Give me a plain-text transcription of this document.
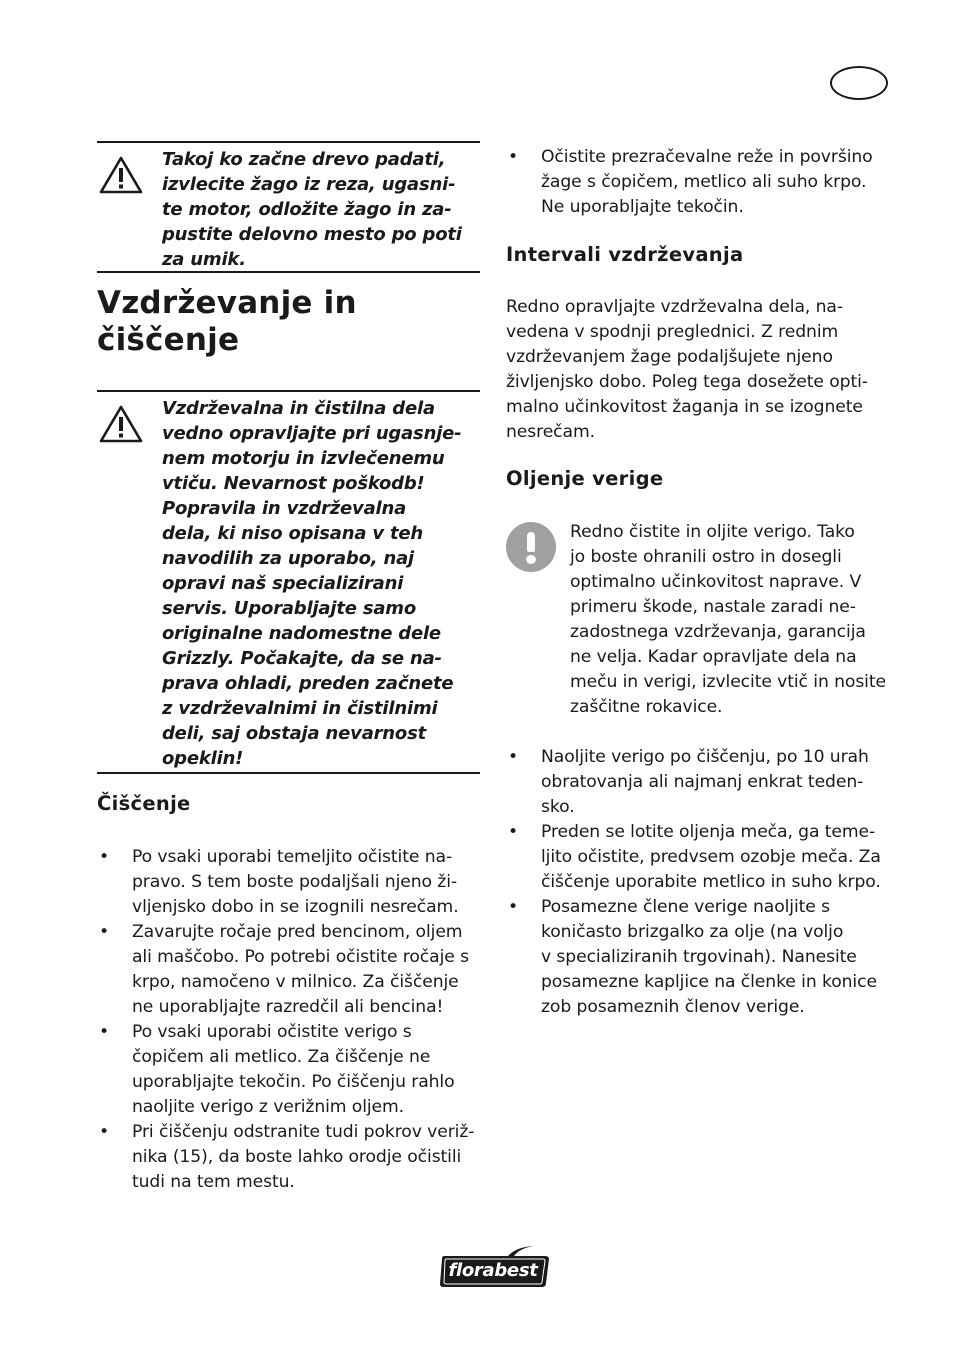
Takoj ko začne drevo padati,
izvlecite žago iz reza, ugasni-
te motor, odložite žago in za-
pustite delovno mesto po poti
za umik.
Vzdrževanje in
čiščenje
Vzdrževalna in čistilna dela
vedno opravljajte pri ugasnje-
nem motorju in izvlečenemu
vtiču. Nevarnost poškodb!
Popravila in vzdrževalna
dela, ki niso opisana v teh
navodilih za uporabo, naj
opravi naš specializirani
servis. Uporabljajte samo
originalne nadomestne dele
Grizzly. Počakajte, da se na-
prava ohladi, preden začnete
z vzdrževalnimi in čistilnimi
deli, saj obstaja nevarnost
opeklin!
Čiščenje
• Po vsaki uporabi temeljito očistite na-
pravo. S tem boste podaljšali njeno ži-
vljenjsko dobo in se izognili nesrečam.
• Zavarujte ročaje pred bencinom, oljem
ali maščobo. Po potrebi očistite ročaje s
krpo, namočeno v milnico. Za čiščenje
ne uporabljajte razredčil ali bencina!
• Po vsaki uporabi očistite verigo s
čopičem ali metlico. Za čiščenje ne
uporabljajte tekočin. Po čiščenju rahlo
naoljite verigo z verižnim oljem.
• Pri čiščenju odstranite tudi pokrov veriž-
nika (15), da boste lahko orodje očistili
tudi na tem mestu.
• Očistite prezračevalne reže in površino
žage s čopičem, metlico ali suho krpo.
Ne uporabljajte tekočin.
Intervali vzdrževanja
Redno opravljajte vzdrževalna dela, na-
vedena v spodnji preglednici. Z rednim
vzdrževanjem žage podaljšujete njeno
življenjsko dobo. Poleg tega dosežete opti-
malno učinkovitost žaganja in se izognete
nesrečam.
Oljenje verige
Redno čistite in oljite verigo. Tako
jo boste ohranili ostro in dosegli
optimalno učinkovitost naprave. V
primeru škode, nastale zaradi ne-
zadostnega vzdrževanja, garancija
ne velja. Kadar opravljate dela na
meču in verigi, izvlecite vtič in nosite
zaščitne rokavice.
• Naoljite verigo po čiščenju, po 10 urah
obratovanja ali najmanj enkrat teden-
sko.
• Preden se lotite oljenja meča, ga teme-
ljito očistite, predvsem ozobje meča. Za
čiščenje uporabite metlico in suho krpo.
• Posamezne člene verige naoljite s
koničasto brizgalko za olje (na voljo
v specializiranih trgovinah). Nanesite
posamezne kapljice na členke in konice
zob posameznih členov verige.
florabest
